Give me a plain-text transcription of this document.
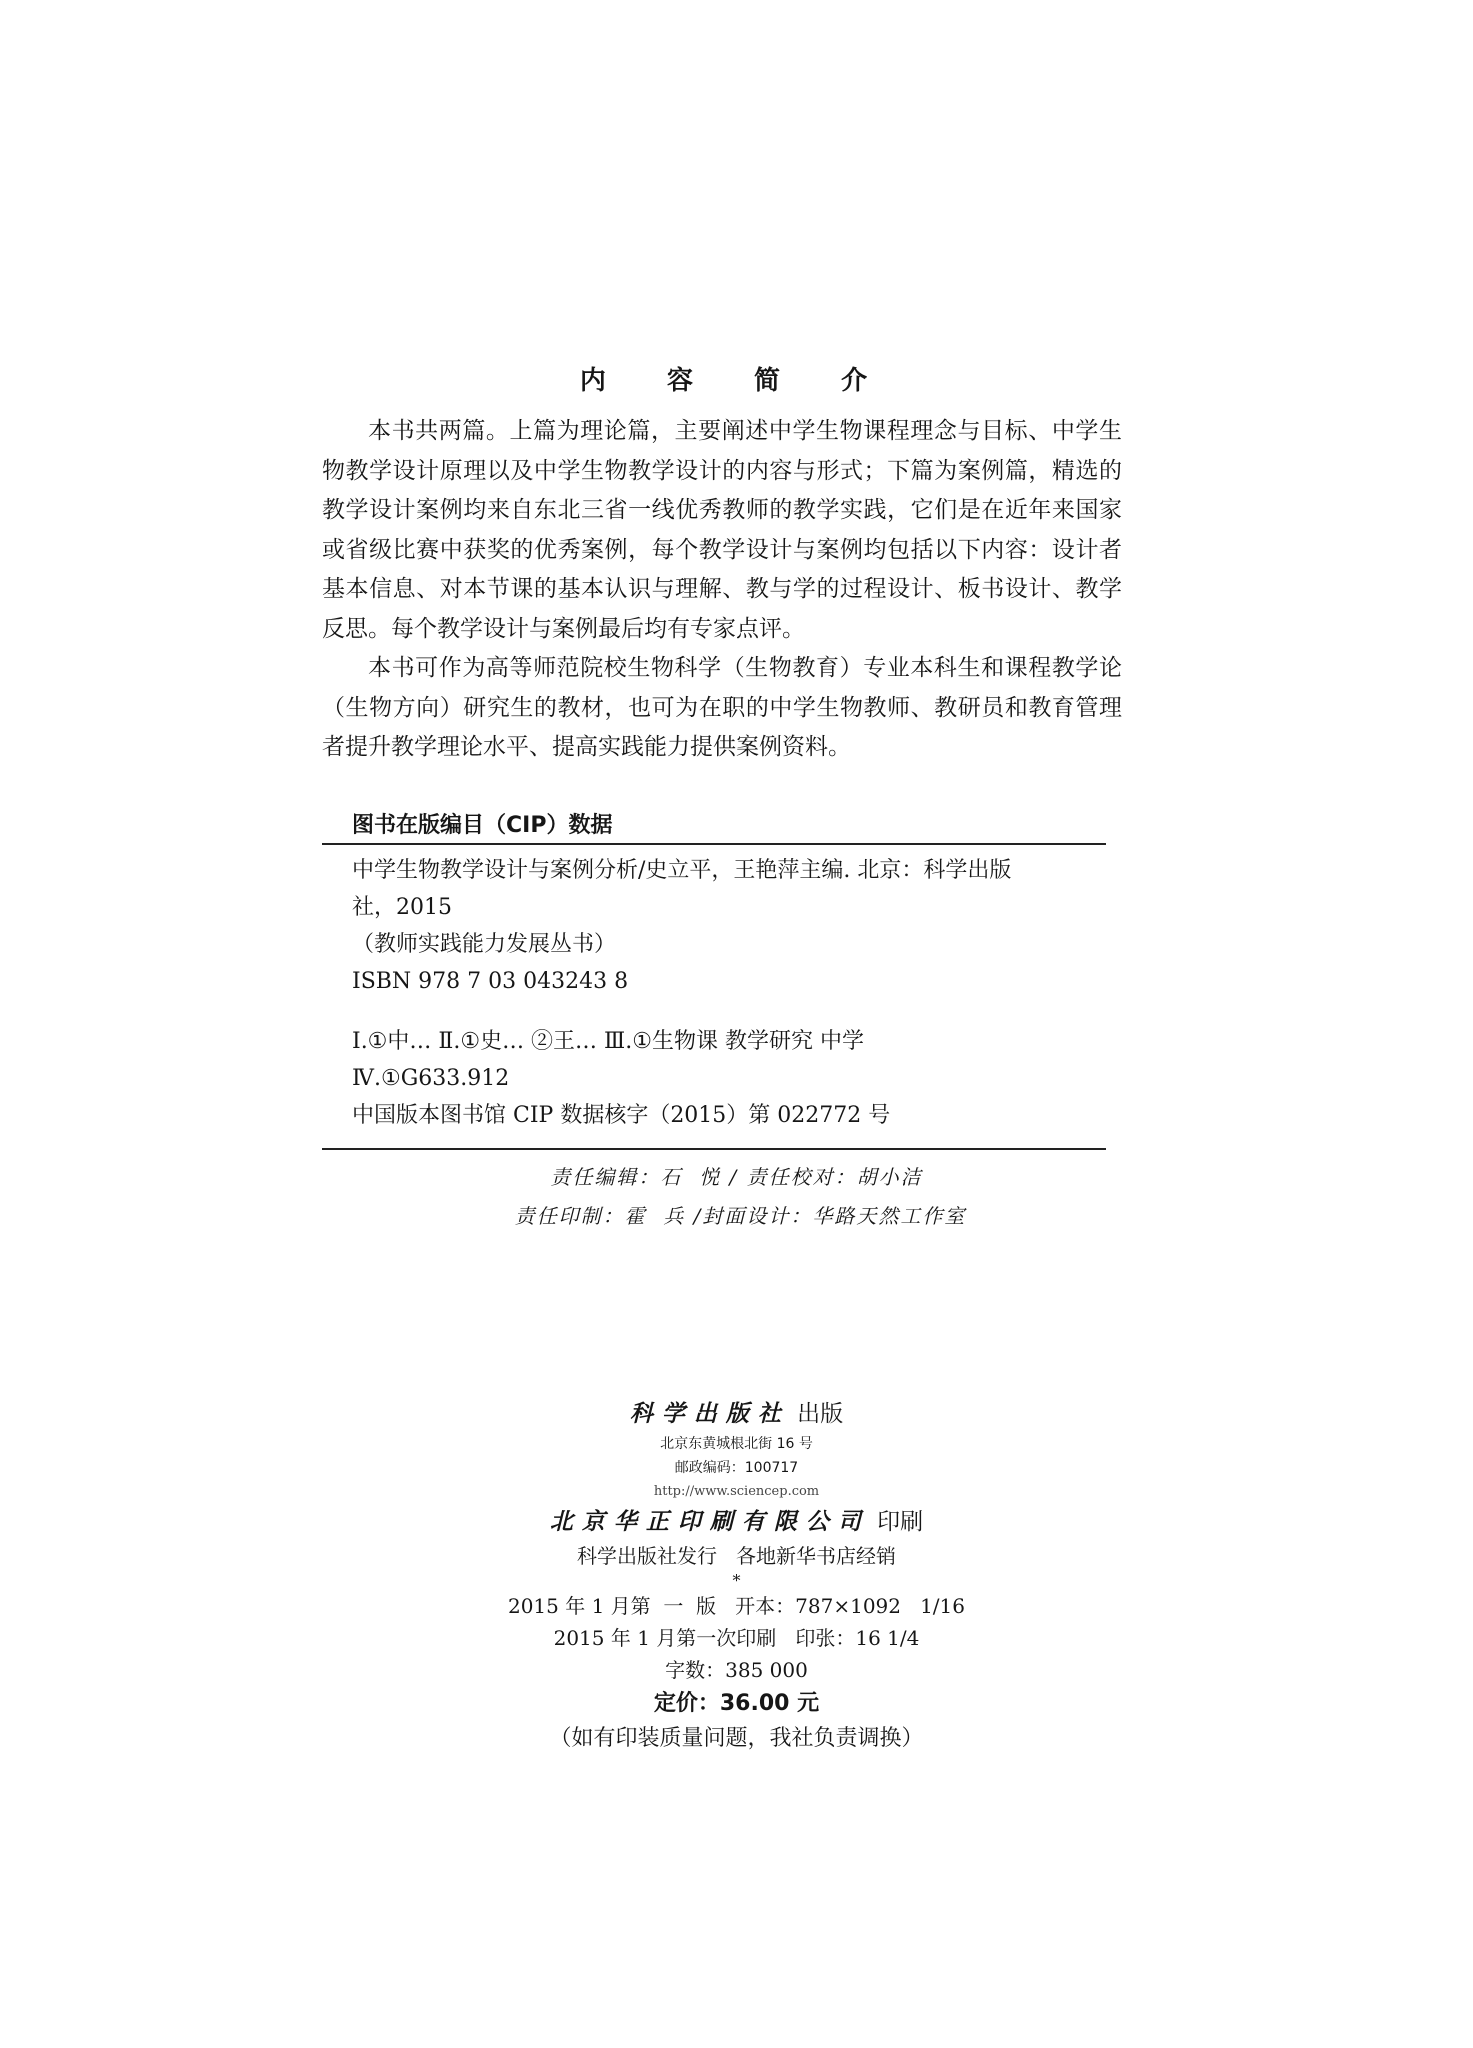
内 容 简 介

本书共两篇。上篇为理论篇，主要阐述中学生物课程理念与目标、中学生物教学设计原理以及中学生物教学设计的内容与形式；下篇为案例篇，精选的教学设计案例均来自东北三省一线优秀教师的教学实践，它们是在近年来国家或省级比赛中获奖的优秀案例，每个教学设计与案例均包括以下内容：设计者基本信息、对本节课的基本认识与理解、教与学的过程设计、板书设计、教学反思。每个教学设计与案例最后均有专家点评。

本书可作为高等师范院校生物科学（生物教育）专业本科生和课程教学论（生物方向）研究生的教材，也可为在职的中学生物教师、教研员和教育管理者提升教学理论水平、提高实践能力提供案例资料。

图书在版编目（CIP）数据
中学生物教学设计与案例分析/史立平，王艳萍主编. 北京：科学出版
社，2015
（教师实践能力发展丛书）
ISBN 978 7 03 043243 8
Ⅰ.①中… Ⅱ.①史… ②王… Ⅲ.①生物课 教学研究 中学
Ⅳ.①G633.912
中国版本图书馆 CIP 数据核字（2015）第 022772 号
责任编辑：石  悦 / 责任校对：胡小洁
责任印制：霍  兵 /封面设计：华路天然工作室
科学出版社 出版
北京东黄城根北街 16 号
邮政编码：100717
http://www.sciencep.com
北京华正印刷有限公司 印刷
科学出版社发行   各地新华书店经销
*
2015 年 1 月第  一  版   开本：787×1092   1/16
2015 年 1 月第一次印刷   印张：16 1/4
字数：385 000
定价：36.00 元
（如有印装质量问题，我社负责调换）
